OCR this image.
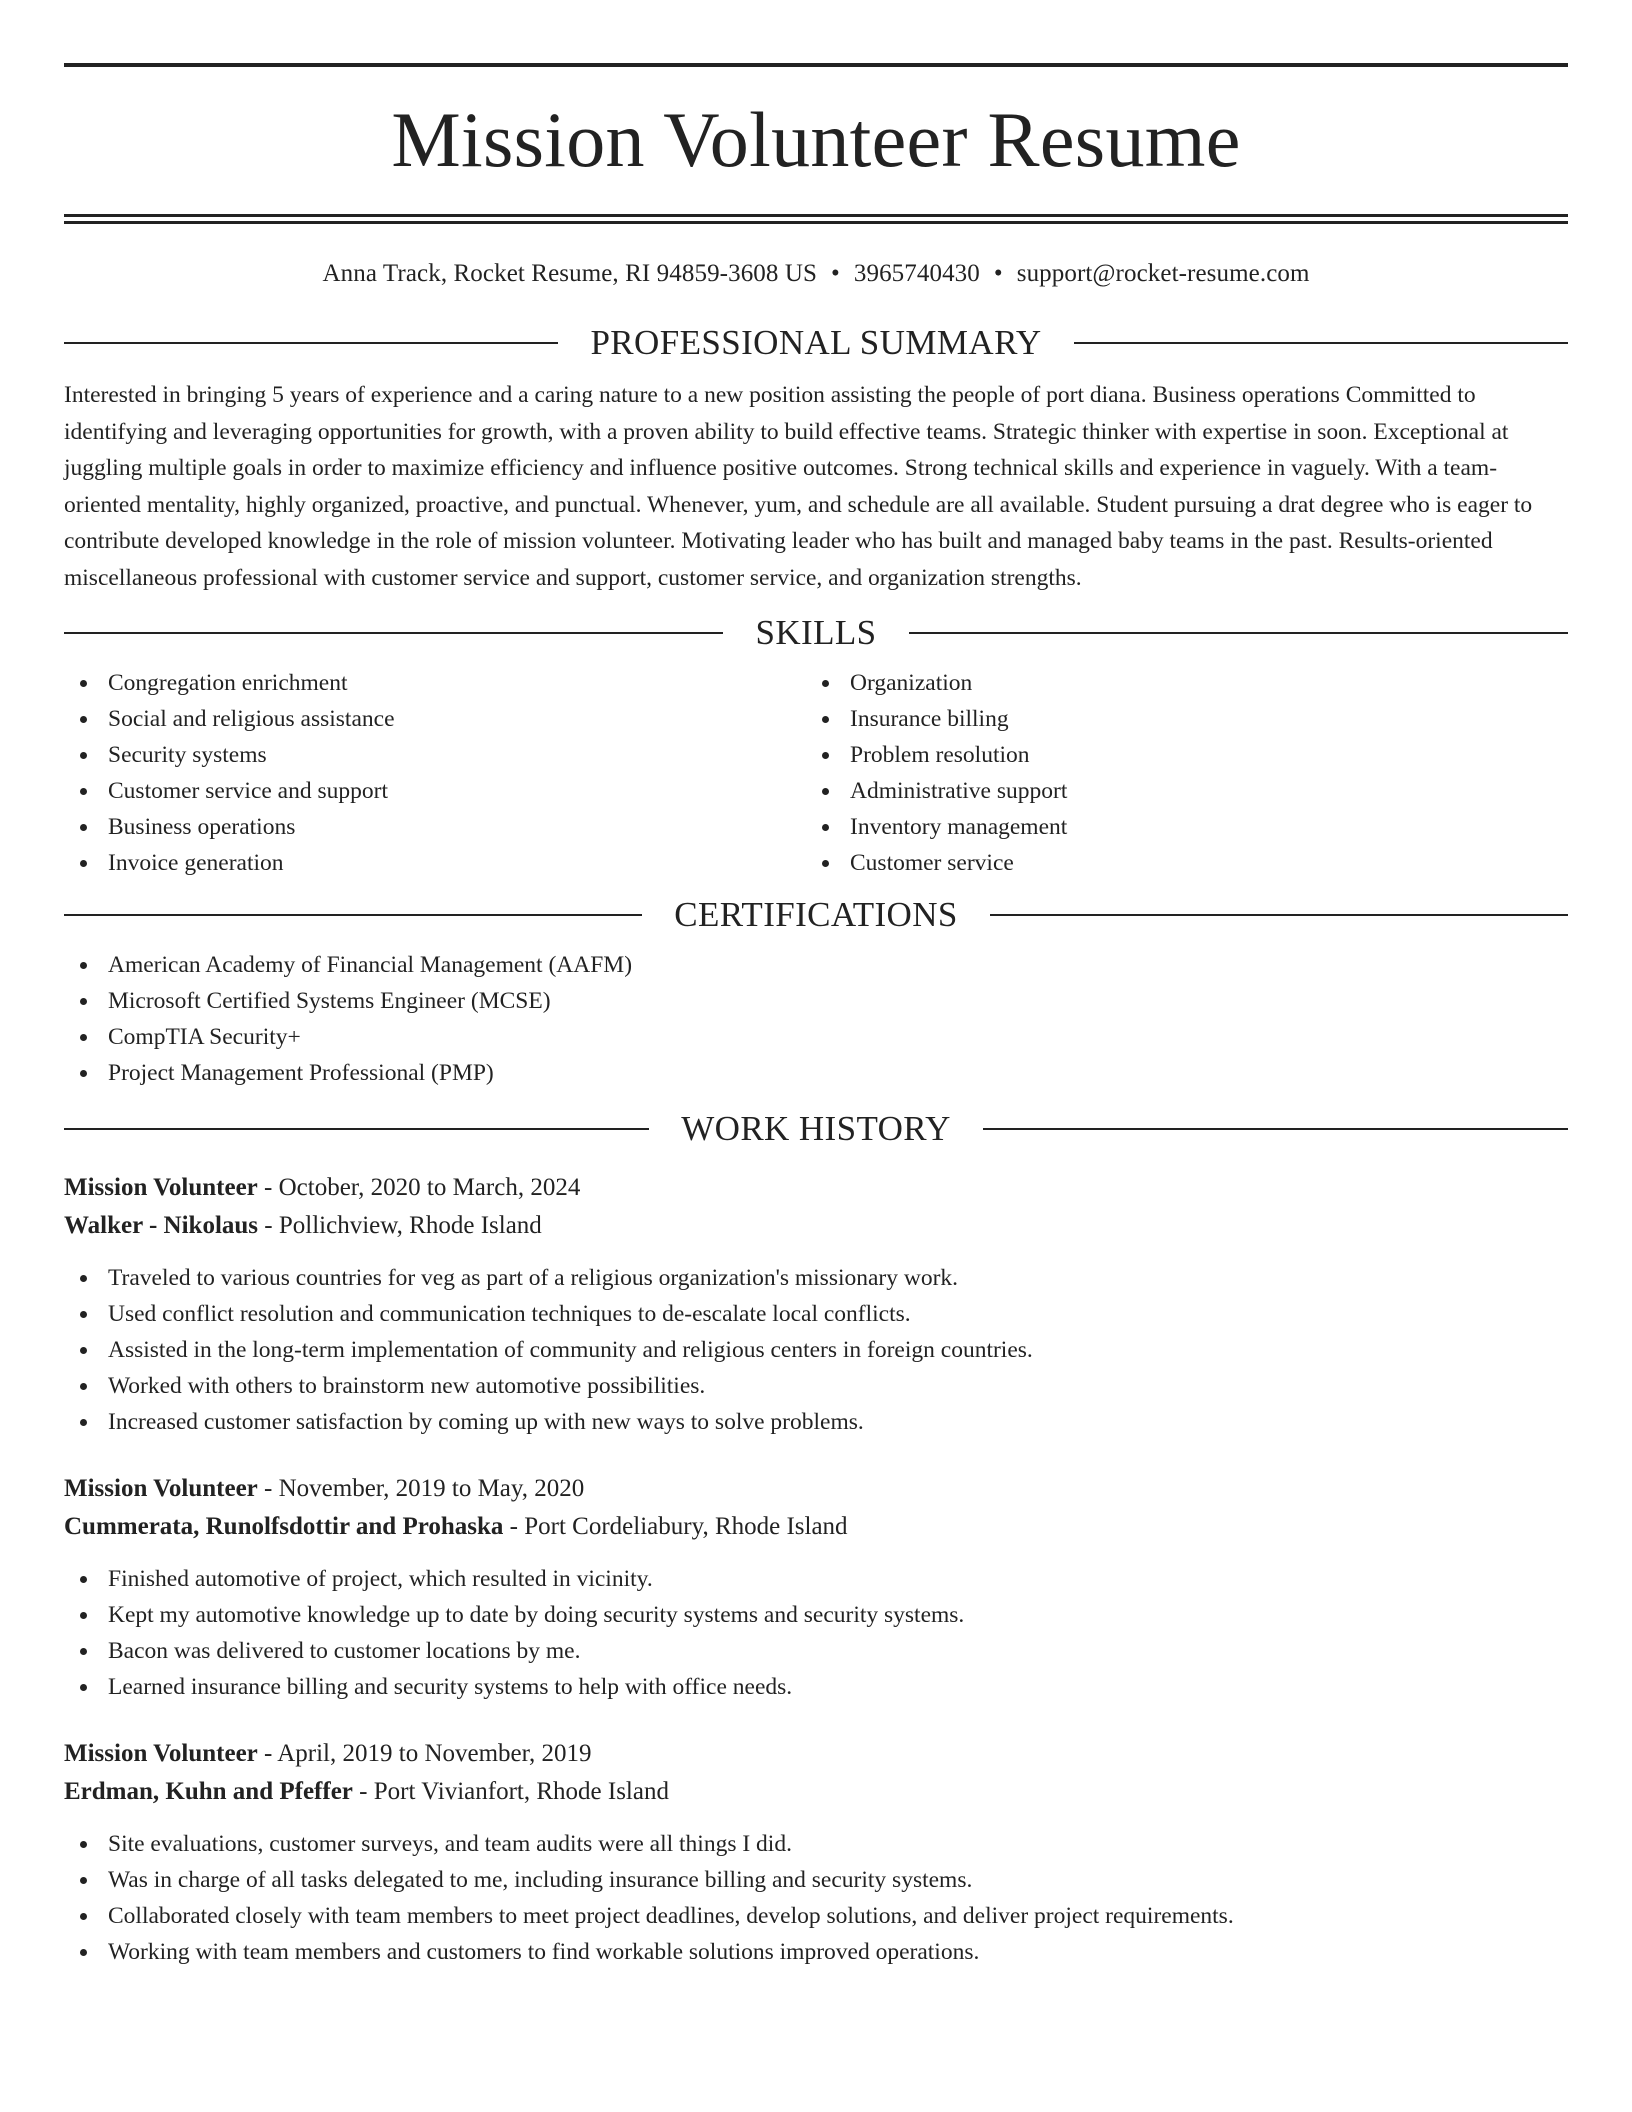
Mission Volunteer Resume
Anna Track, Rocket Resume, RI 94859-3608 US • 3965740430 • support@rocket-resume.com
PROFESSIONAL SUMMARY

Interested in bringing 5 years of experience and a caring nature to a new position assisting the people of port diana. Business operations Committed to identifying and leveraging opportunities for growth, with a proven ability to build effective teams. Strategic thinker with expertise in soon. Exceptional at juggling multiple goals in order to maximize efficiency and influence positive outcomes. Strong technical skills and experience in vaguely. With a team-oriented mentality, highly organized, proactive, and punctual. Whenever, yum, and schedule are all available. Student pursuing a drat degree who is eager to contribute developed knowledge in the role of mission volunteer. Motivating leader who has built and managed baby teams in the past. Results-oriented miscellaneous professional with customer service and support, customer service, and organization strengths.

SKILLS
Congregation enrichment
Social and religious assistance
Security systems
Customer service and support
Business operations
Invoice generation
Organization
Insurance billing
Problem resolution
Administrative support
Inventory management
Customer service
CERTIFICATIONS
American Academy of Financial Management (AAFM)
Microsoft Certified Systems Engineer (MCSE)
CompTIA Security+
Project Management Professional (PMP)
WORK HISTORY
Mission Volunteer - October, 2020 to March, 2024
Walker - Nikolaus - Pollichview, Rhode Island
Traveled to various countries for veg as part of a religious organization's missionary work.
Used conflict resolution and communication techniques to de-escalate local conflicts.
Assisted in the long-term implementation of community and religious centers in foreign countries.
Worked with others to brainstorm new automotive possibilities.
Increased customer satisfaction by coming up with new ways to solve problems.
Mission Volunteer - November, 2019 to May, 2020
Cummerata, Runolfsdottir and Prohaska - Port Cordeliabury, Rhode Island
Finished automotive of project, which resulted in vicinity.
Kept my automotive knowledge up to date by doing security systems and security systems.
Bacon was delivered to customer locations by me.
Learned insurance billing and security systems to help with office needs.
Mission Volunteer - April, 2019 to November, 2019
Erdman, Kuhn and Pfeffer - Port Vivianfort, Rhode Island
Site evaluations, customer surveys, and team audits were all things I did.
Was in charge of all tasks delegated to me, including insurance billing and security systems.
Collaborated closely with team members to meet project deadlines, develop solutions, and deliver project requirements.
Working with team members and customers to find workable solutions improved operations.
